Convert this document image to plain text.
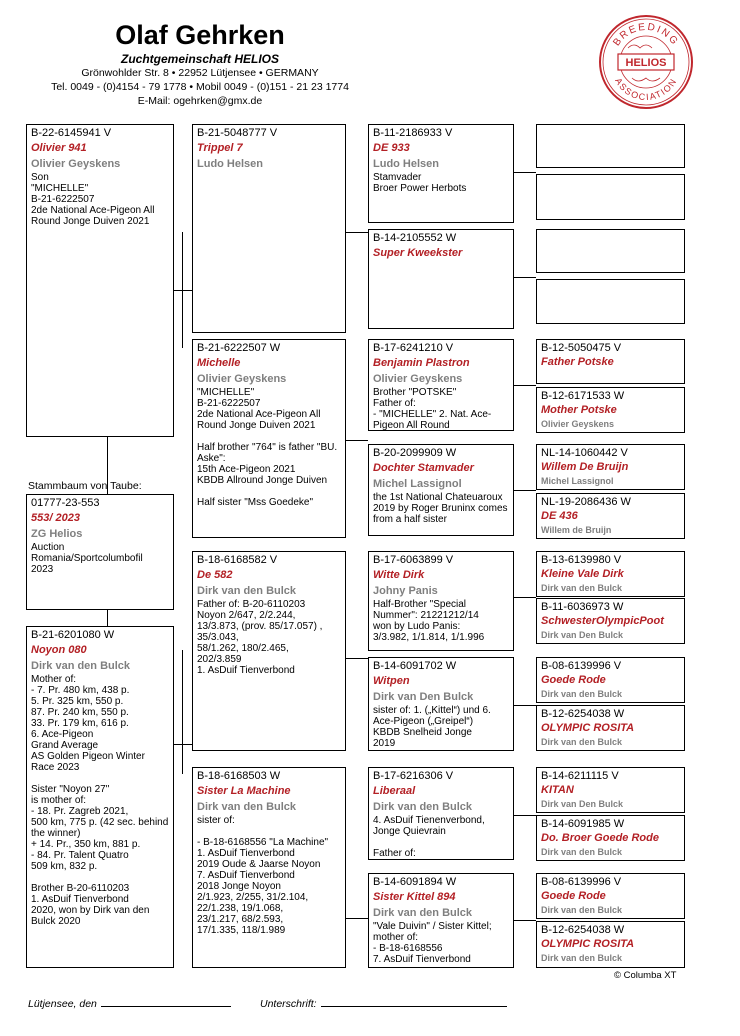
Olaf Gehrken
Zuchtgemeinschaft HELIOS
Grönwohlder Str. 8 • 22952 Lütjensee • GERMANY
Tel. 0049 - (0)4154 - 79 1778 • Mobil 0049 - (0)151 - 21 23 1774
E-Mail: ogehrken@gmx.de
BREEDING
ASSOCIATION
HELIOS
Stammbaum von Taube:
01777-23-553
553/ 2023
ZG Helios
Auction
Romania/Sportcolumbofil
2023
B-22-6145941 V
Olivier 941
Olivier Geyskens
Son
"MICHELLE"
B-21-6222507
2de National Ace-Pigeon All Round Jonge Duiven 2021
B-21-6201080 W
Noyon 080
Dirk van den Bulck
Mother of:
- 7. Pr. 480 km, 438 p.
5. Pr. 325 km, 550 p.
87. Pr. 240 km, 550 p.
33. Pr. 179 km, 616 p.
6. Ace-Pigeon
Grand Average
AS Golden Pigeon Winter Race 2023

Sister "Noyon 27"
is mother of:
- 18. Pr. Zagreb 2021,
500 km, 775 p. (42 sec. behind the winner)
+ 14. Pr., 350 km, 881 p.
- 84. Pr. Talent Quatro
509 km, 832 p.

Brother B-20-6110203
1. AsDuif Tienverbond
2020, won by Dirk van den Bulck 2020
B-21-5048777 V
Trippel 7
Ludo Helsen
B-21-6222507 W
Michelle
Olivier Geyskens
"MICHELLE"
B-21-6222507
2de National Ace-Pigeon All Round Jonge Duiven 2021

Half brother "764" is father "BU. Aske":
15th Ace-Pigeon 2021
KBDB Allround Jonge Duiven

Half sister "Mss Goedeke"
B-18-6168582 V
De 582
Dirk van den Bulck
Father of: B-20-6110203
Noyon 2/647, 2/2.244,
13/3.873, (prov. 85/17.057) , 35/3.043,
58/1.262, 180/2.465,
202/3.859
1. AsDuif Tienverbond
B-18-6168503 W
Sister La Machine
Dirk van den Bulck
sister of:

- B-18-6168556 "La Machine"
1. AsDuif Tienverbond
2019 Oude & Jaarse Noyon
7. AsDuif Tienverbond
2018 Jonge Noyon
2/1.923, 2/255, 31/2.104,
22/1.238, 19/1.068,
23/1.217, 68/2.593,
17/1.335, 118/1.989
B-11-2186933 V
DE 933
Ludo Helsen
Stamvader
Broer Power Herbots
B-14-2105552 W
Super Kweekster
B-17-6241210 V
Benjamin Plastron
Olivier Geyskens
Brother "POTSKE"
Father of:
- "MICHELLE" 2. Nat. Ace-Pigeon All Round
B-20-2099909 W
Dochter Stamvader
Michel Lassignol
the 1st National Chateuaroux 2019 by Roger Bruninx comes from a half sister
B-17-6063899 V
Witte Dirk
Johny Panis
Half-Brother "Special Nummer": 21221212/14
won by Ludo Panis:
3/3.982, 1/1.814, 1/1.996
B-14-6091702 W
Witpen
Dirk van Den Bulck
sister of: 1. („Kittel“) und 6. Ace-Pigeon („Greipel“)
KBDB Snelheid Jonge
2019
B-17-6216306 V
Liberaal
Dirk van den Bulck
4. AsDuif Tienenverbond,
Jonge Quievrain

Father of:
B-14-6091894 W
Sister Kittel 894
Dirk van den Bulck
"Vale Duivin" / Sister Kittel;
mother of:
- B-18-6168556
7. AsDuif Tienverbond
B-12-5050475 V
Father Potske
B-12-6171533 W
Mother Potske
Olivier Geyskens
NL-14-1060442 V
Willem De Bruijn
Michel Lassignol
NL-19-2086436 W
DE 436
Willem de Bruijn
B-13-6139980 V
Kleine Vale Dirk
Dirk van den Bulck
B-11-6036973 W
SchwesterOlympicPoot
Dirk van Den Bulck
B-08-6139996 V
Goede Rode
Dirk van den Bulck
B-12-6254038 W
OLYMPIC ROSITA
Dirk van den Bulck
B-14-6211115 V
KITAN
Dirk van Den Bulck
B-14-6091985 W
Do. Broer Goede Rode
Dirk van den Bulck
B-08-6139996 V
Goede Rode
Dirk van den Bulck
B-12-6254038 W
OLYMPIC ROSITA
Dirk van den Bulck
© Columba XT
Lütjensee, den	Unterschrift:
